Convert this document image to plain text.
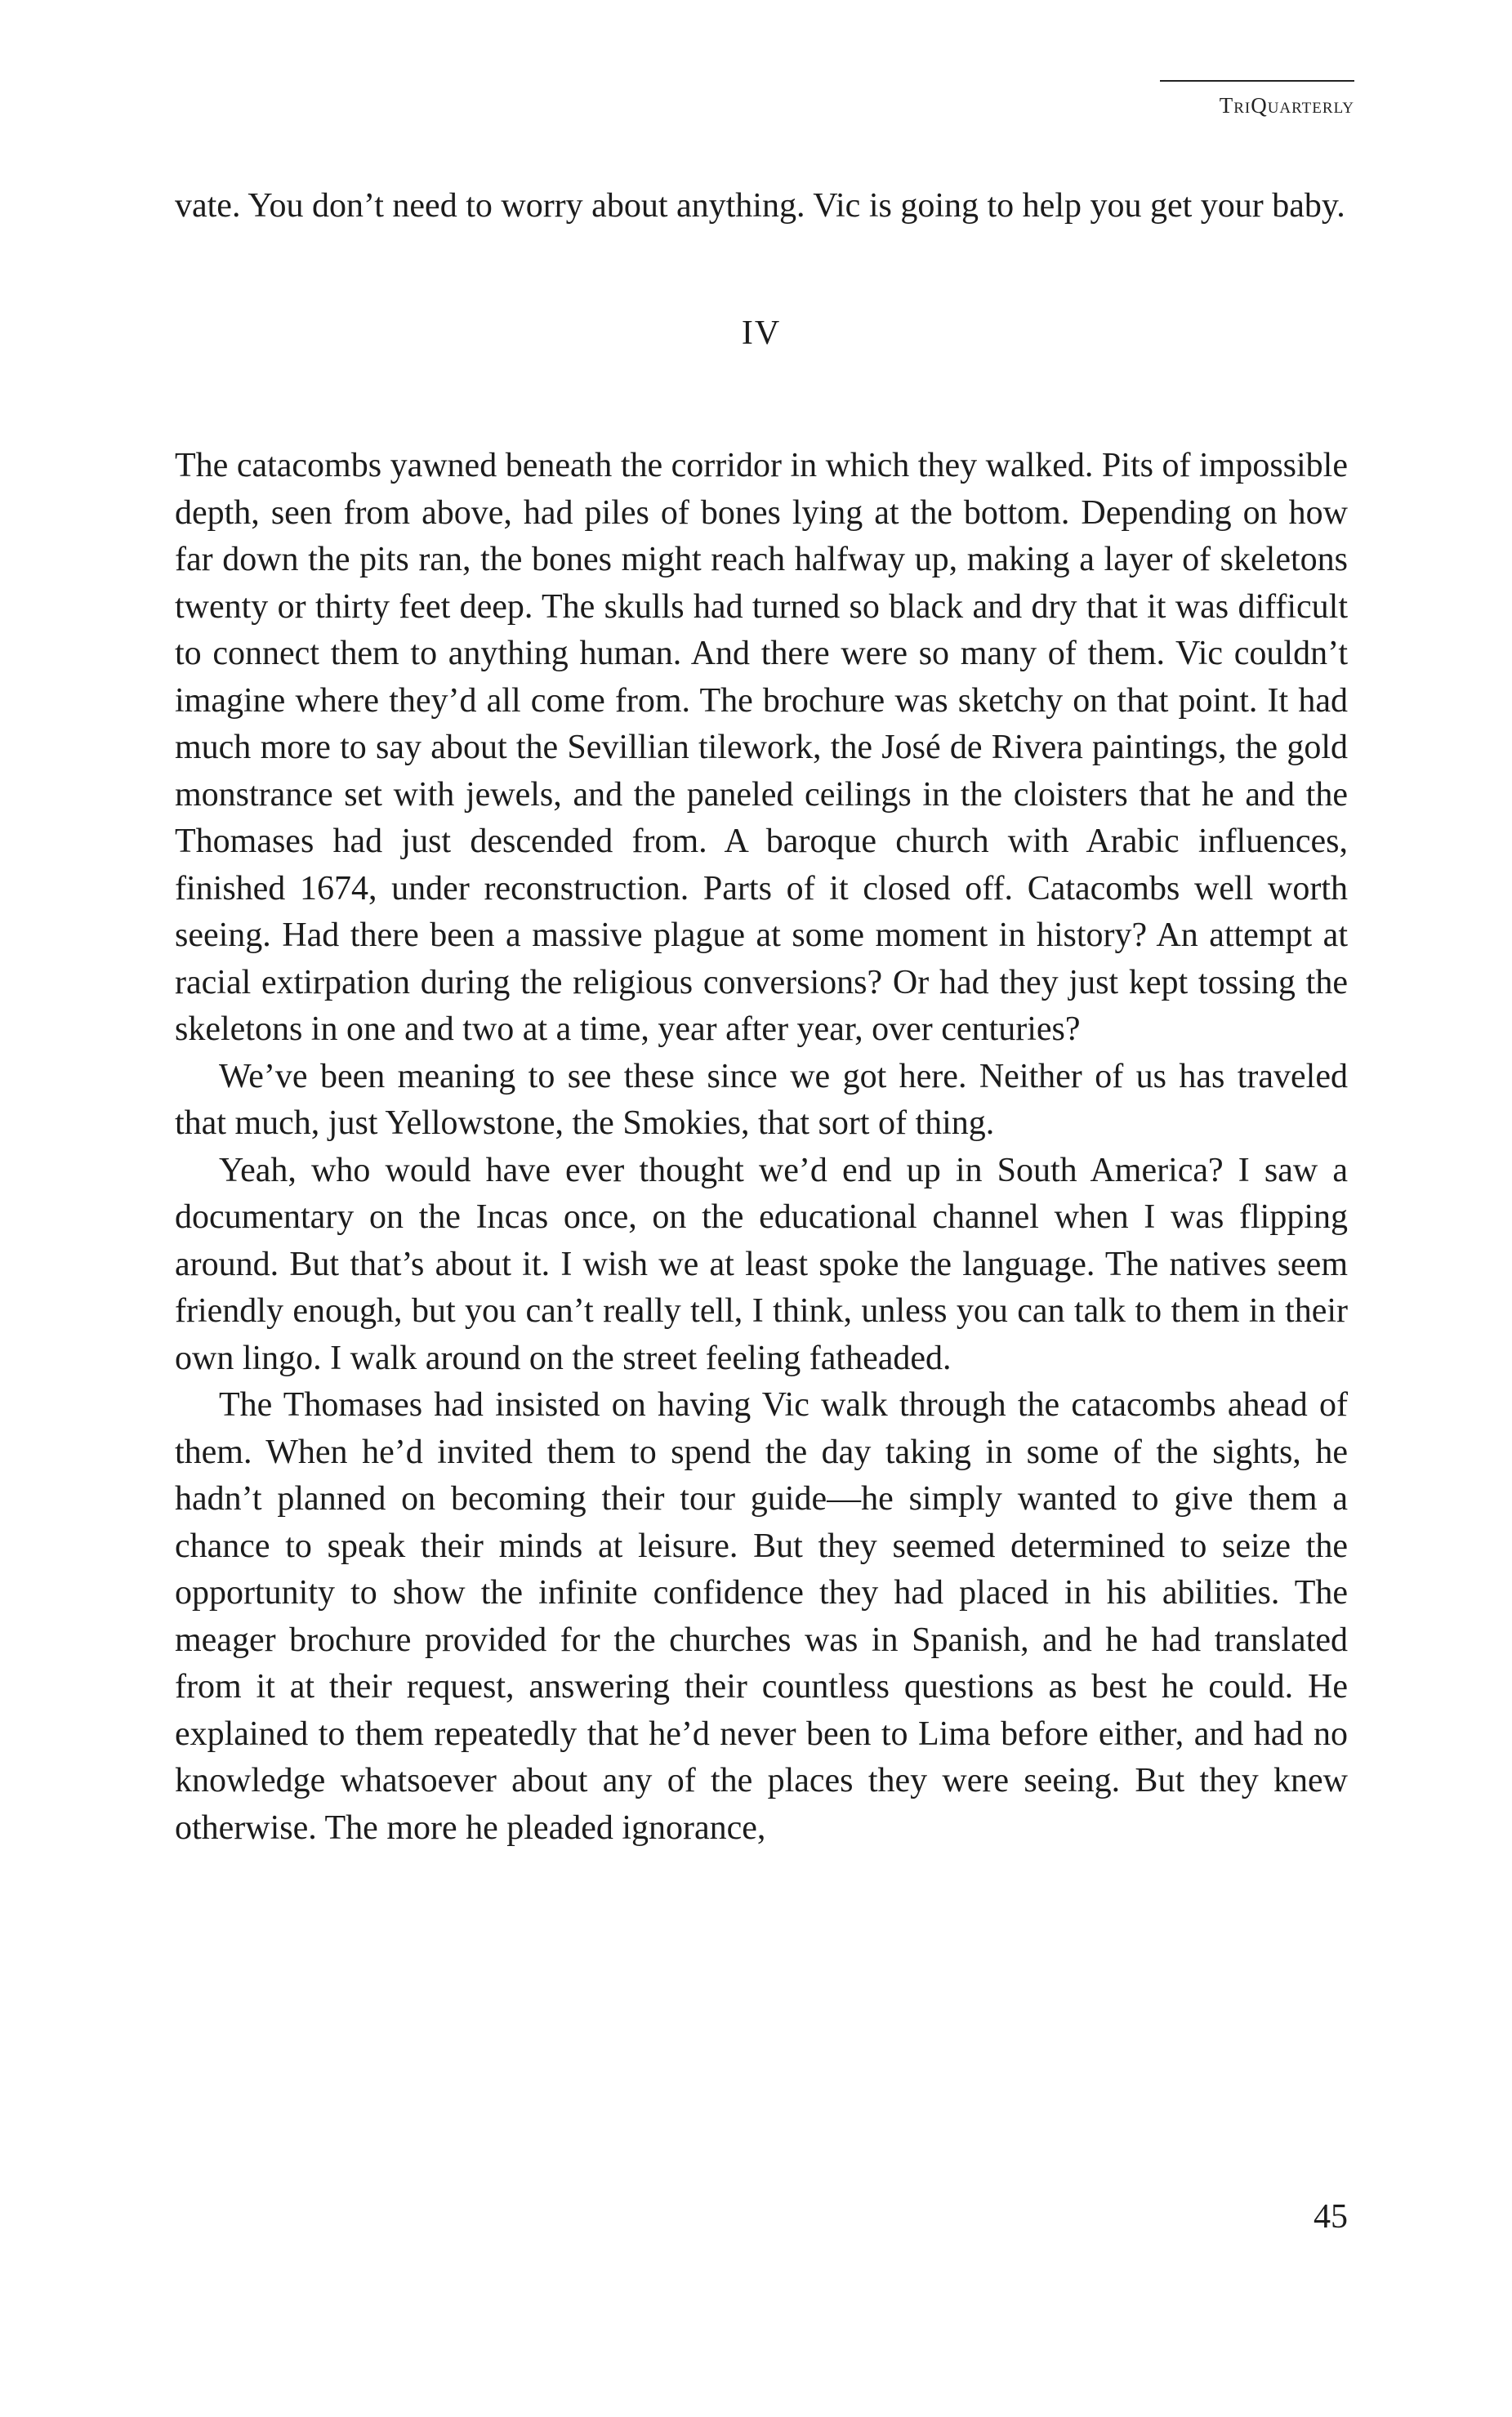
TriQuarterly

vate. You don’t need to worry about anything. Vic is going to help you get your baby.

IV

The catacombs yawned beneath the corridor in which they walked. Pits of impossible depth, seen from above, had piles of bones lying at the bottom. Depending on how far down the pits ran, the bones might reach halfway up, making a layer of skeletons twenty or thirty feet deep. The skulls had turned so black and dry that it was difficult to connect them to anything human. And there were so many of them. Vic couldn’t imagine where they’d all come from. The brochure was sketchy on that point. It had much more to say about the Sevillian tilework, the José de Rivera paintings, the gold monstrance set with jewels, and the paneled ceilings in the cloisters that he and the Thomases had just descended from. A baroque church with Arabic influences, finished 1674, under reconstruction. Parts of it closed off. Catacombs well worth seeing. Had there been a massive plague at some moment in history? An attempt at racial extirpation during the religious conversions? Or had they just kept tossing the skeletons in one and two at a time, year after year, over centuries?

We’ve been meaning to see these since we got here. Neither of us has traveled that much, just Yellowstone, the Smokies, that sort of thing.

Yeah, who would have ever thought we’d end up in South America? I saw a documentary on the Incas once, on the educational channel when I was flipping around. But that’s about it. I wish we at least spoke the language. The natives seem friendly enough, but you can’t really tell, I think, unless you can talk to them in their own lingo. I walk around on the street feeling fatheaded.

The Thomases had insisted on having Vic walk through the catacombs ahead of them. When he’d invited them to spend the day taking in some of the sights, he hadn’t planned on becoming their tour guide—he simply wanted to give them a chance to speak their minds at leisure. But they seemed determined to seize the opportunity to show the infinite confidence they had placed in his abilities. The meager brochure provided for the churches was in Spanish, and he had translated from it at their request, answering their countless questions as best he could. He explained to them repeatedly that he’d never been to Lima before either, and had no knowledge whatsoever about any of the places they were seeing. But they knew otherwise. The more he pleaded ignorance,

45
